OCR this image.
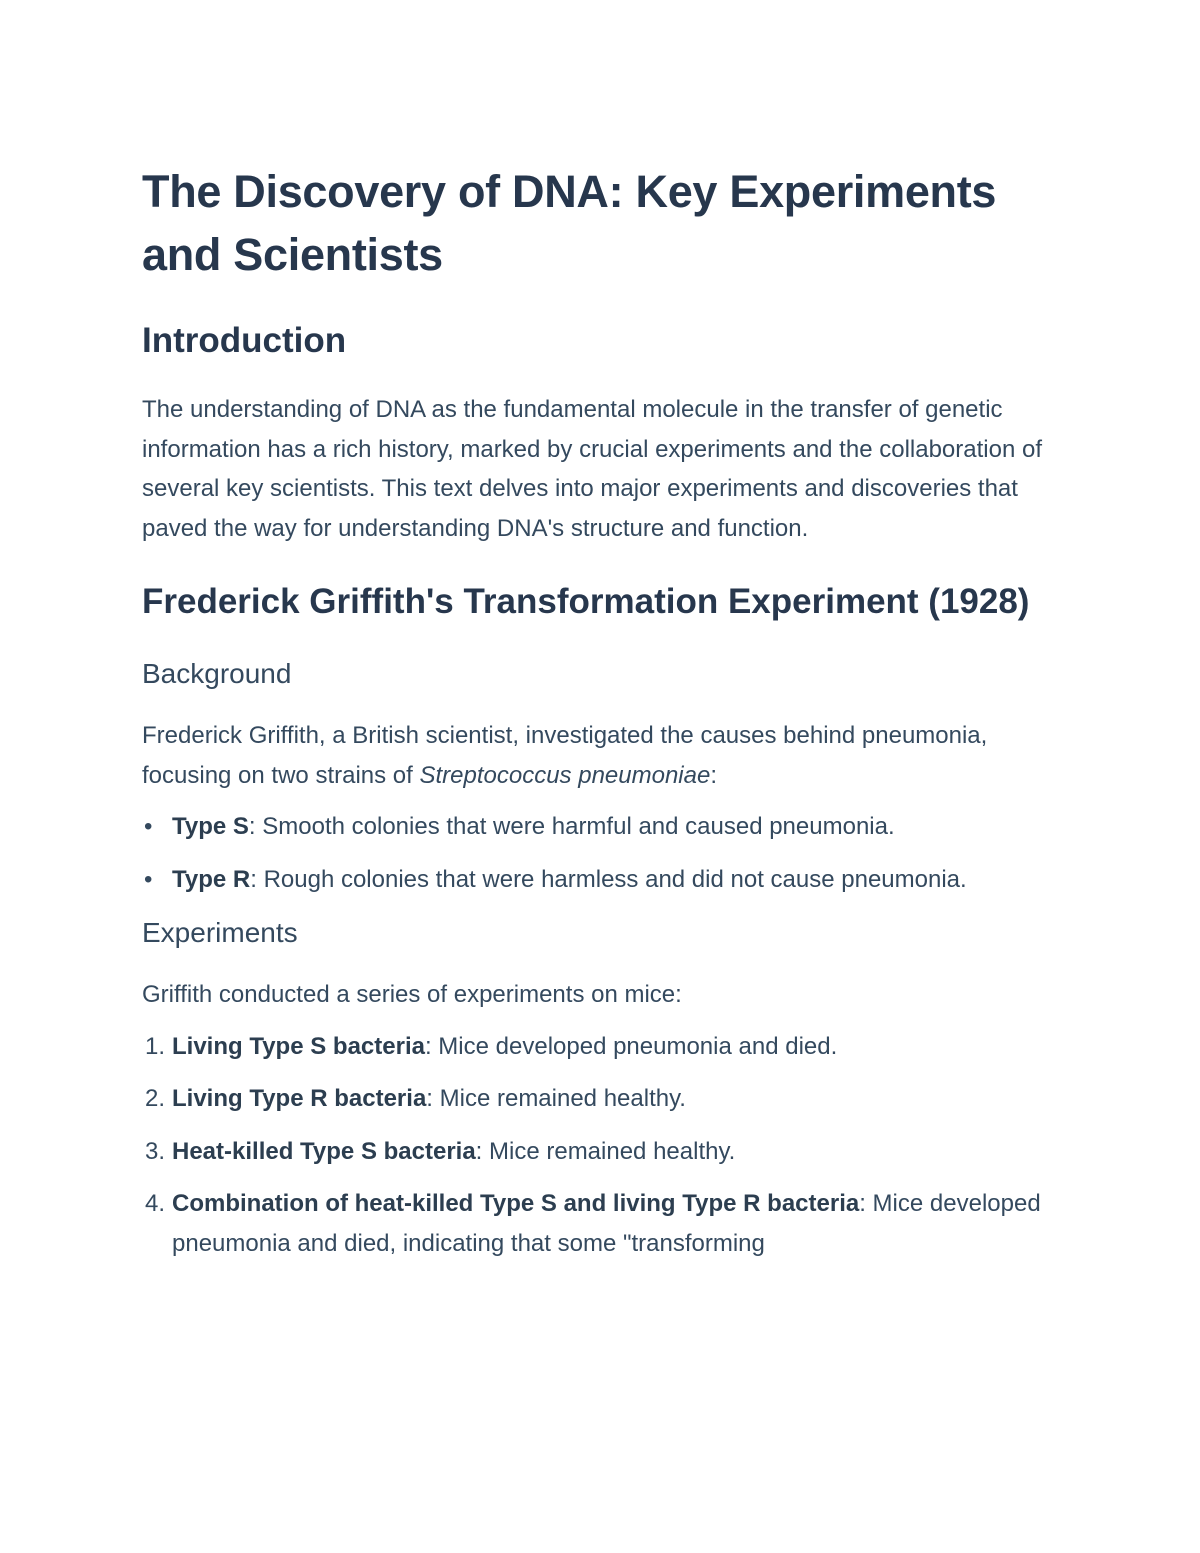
The Discovery of DNA: Key Experiments and Scientists
Introduction

The understanding of DNA as the fundamental molecule in the transfer of genetic information has a rich history, marked by crucial experiments and the collaboration of several key scientists. This text delves into major experiments and discoveries that paved the way for understanding DNA's structure and function.

Frederick Griffith's Transformation Experiment (1928)
Background

Frederick Griffith, a British scientist, investigated the causes behind pneumonia, focusing on two strains of Streptococcus pneumoniae:

• Type S: Smooth colonies that were harmful and caused pneumonia.
• Type R: Rough colonies that were harmless and did not cause pneumonia.
Experiments

Griffith conducted a series of experiments on mice:

1. Living Type S bacteria: Mice developed pneumonia and died.
2. Living Type R bacteria: Mice remained healthy.
3. Heat-killed Type S bacteria: Mice remained healthy.
4. Combination of heat-killed Type S and living Type R bacteria: Mice developed pneumonia and died, indicating that some "transforming
